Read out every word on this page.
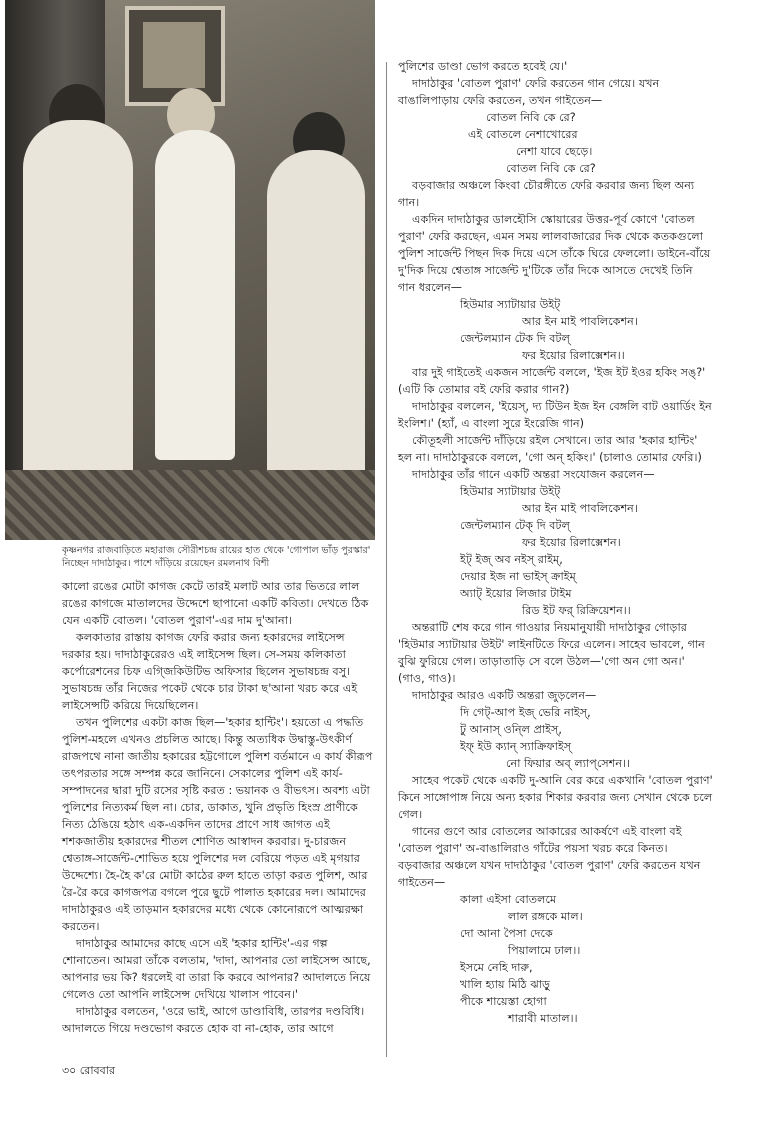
কৃষ্ণনগর রাজবাড়িতে মহারাজ সৌরীশচন্দ্র রায়ের হাত থেকে 'গোপাল ভাঁড় পুরস্কার' নিচ্ছেন দাদাঠাকুর। পাশে দাঁড়িয়ে রয়েছেন রমলনাথ বিশী

কালো রঙের মোটা কাগজ কেটে তারই মলাট আর তার ভিতরে লাল রঙের কাগজে মাতালদের উদ্দেশে ছাপানো একটি কবিতা। দেখতে ঠিক যেন একটি বোতল। 'বোতল পুরাণ'-এর দাম দু'আনা।

কলকাতার রাস্তায় কাগজ ফেরি করার জন্য হকারদের লাইসেন্স দরকার হয়। দাদাঠাকুরেরও এই লাইসেন্স ছিল। সে-সময় কলিকাতা কর্পোরেশনের চিফ এগ্জিকিউটিভ অফিসার ছিলেন সুভাষচন্দ্র বসু। সুভাষচন্দ্র তাঁর নিজের পকেট থেকে চার টাকা ছ'আনা খরচ করে এই লাইসেন্সটি করিয়ে দিয়েছিলেন।

তখন পুলিশের একটা কাজ ছিল—'হকার হান্টিং'। হয়তো এ পদ্ধতি পুলিশ-মহলে এখনও প্রচলিত আছে। কিন্তু অত্যধিক উদ্বাস্তু-উৎকীর্ণ রাজপথে নানা জাতীয় হকারের হট্টগোলে পুলিশ বর্তমানে এ কার্য কীরূপ তৎপরতার সঙ্গে সম্পন্ন করে জানিনে। সেকালের পুলিশ এই কার্য-সম্পাদনের দ্বারা দুটি রসের সৃষ্টি করত : ভয়ানক ও বীভৎস। অবশ্য এটা পুলিশের নিত্যকর্ম ছিল না। চোর, ডাকাত, খুনি প্রভৃতি হিংস্র প্রাণীকে নিত্য ঠেঙিয়ে হঠাৎ এক-একদিন তাদের প্রাণে সাধ জাগত এই শশকজাতীয় হকারদের শীতল শোণিত আস্বাদন করবার। দু-চারজন শ্বেতাঙ্গ-সার্জেন্ট-শোভিত হয়ে পুলিশের দল বেরিয়ে পড়ত এই মৃগয়ার উদ্দেশ্যে। হৈ-হৈ ক'রে মোটা কাঠের রুল হাতে তাড়া করত পুলিশ, আর রৈ-রৈ করে কাগজপত্র বগলে পুরে ছুটে পালাত হকারের দল। আমাদের দাদাঠাকুরও এই তাড়মান হকারদের মধ্যে থেকে কোনোরূপে আত্মরক্ষা করতেন।

দাদাঠাকুর আমাদের কাছে এসে এই 'হকার হান্টিং'-এর গল্প শোনাতেন। আমরা তাঁকে বলতাম, 'দাদা, আপনার তো লাইসেন্স আছে, আপনার ভয় কি? ধরলেই বা তারা কি করবে আপনার? আদালতে নিয়ে গেলেও তো আপনি লাইসেন্স দেখিয়ে খালাস পাবেন।'

দাদাঠাকুর বলতেন, 'ওরে ভাই, আগে ডাণ্ডাবিধি, তারপর দণ্ডবিধি। আদালতে গিয়ে দণ্ডভোগ করতে হোক বা না-হোক, তার আগে

পুলিশের ডাণ্ডা ভোগ করতে হবেই যে।'

দাদাঠাকুর 'বোতল পুরাণ' ফেরি করতেন গান গেয়ে। যখন বাঙালিপাড়ায় ফেরি করতেন, তখন গাইতেন—

বোতল নিবি কে রে?
এই বোতলে নেশাখোরের
নেশা যাবে ছেড়ে।
বোতল নিবি কে রে?

বড়বাজার অঞ্চলে কিংবা চৌরঙ্গীতে ফেরি করবার জন্য ছিল অন্য গান।

একদিন দাদাঠাকুর ডালহৌসি স্কোয়ারের উত্তর-পূর্ব কোণে 'বোতল পুরাণ' ফেরি করছেন, এমন সময় লালবাজারের দিক থেকে কতকগুলো পুলিশ সার্জেন্ট পিছন দিক দিয়ে এসে তাঁকে ঘিরে ফেললো। ডাইনে-বাঁয়ে দু'দিক দিয়ে শ্বেতাঙ্গ সার্জেন্ট দু'টিকে তাঁর দিকে আসতে দেখেই তিনি গান ধরলেন—

হিউমার স্যাটায়ার উইট্
আর ইন মাই পাবলিকেশন।
জেন্টলম্যান টেক দি বটল্
ফর ইয়োর রিলাক্সেশন।।

বার দুই গাইতেই একজন সার্জেন্ট বললে, 'ইজ ইট ইওর হকিং সঙ্?' (এটি কি তোমার বই ফেরি করার গান?)

দাদাঠাকুর বললেন, 'ইয়েস্, দ্য টিউন ইজ ইন বেঙ্গলি বাট ওয়ার্ডিং ইন ইংলিশ।' (হ্যাঁ, এ বাংলা সুরে ইংরেজি গান)

কৌতূহলী সার্জেন্ট দাঁড়িয়ে রইল সেখানে। তার আর 'হকার হান্টিং' হল না। দাদাঠাকুরকে বললে, 'গো অন্ হকিং।' (চালাও তোমার ফেরি।)

দাদাঠাকুর তাঁর গানে একটি অন্তরা সংযোজন করলেন—

হিউমার স্যাটায়ার উইট্
আর ইন মাই পাবলিকেশন।
জেন্টলম্যান টেক্ দি বটল্
ফর ইয়োর রিলাক্সেশন।
ইট্ ইজ্ অব নইস্ রাইম্,
দেয়ার ইজ না ভাইস্ ক্রাইম্
অ্যাট্ ইয়োর লিজার টাইম
রিড ইট ফর্ রিক্রিয়েশন।।

অন্তরাটি শেষ করে গান গাওয়ার নিয়মানুযায়ী দাদাঠাকুর গোড়ার 'হিউমার স্যাটায়ার উইট' লাইনটিতে ফিরে এলেন। সাহেব ভাবলে, গান বুঝি ফুরিয়ে গেল। তাড়াতাড়ি সে বলে উঠল—'গো অন গো অন।' (গাও, গাও)।

দাদাঠাকুর আরও একটি অন্তরা জুড়লেন—

দি গেট্-আপ ইজ্ ভেরি নাইস্,
টু আনাস্ ওন্লি প্রাইস্,
ইফ্ ইউ ক্যান্ স্যাক্রিফাইস্
নো ফিয়ার অব্ ল্যাপ্‌সেশন।।

সাহেব পকেট থেকে একটি দু-আনি বের করে একখানি 'বোতল পুরাণ' কিনে সাঙ্গোপাঙ্গ নিয়ে অন্য হকার শিকার করবার জন্য সেখান থেকে চলে গেল।

গানের গুণে আর বোতলের আকারের আকর্ষণে এই বাংলা বই 'বোতল পুরাণ' অ-বাঙালিরাও গাঁটের পয়সা খরচ করে কিনত। বড়বাজার অঞ্চলে যখন দাদাঠাকুর 'বোতল পুরাণ' ফেরি করতেন যখন গাইতেন—

কালা এইসা বোতলমে
লাল রঙ্গকে মাল।
দো আনা পৈসা দেকে
পিয়ালামে ঢাল।।
ইসমে নেহি দারু,
খালি হ্যায় মিঠি ঝাড়ু
পীকে শায়েস্তা হোগা
শারাবী মাতাল।।
৩০ রোববার
